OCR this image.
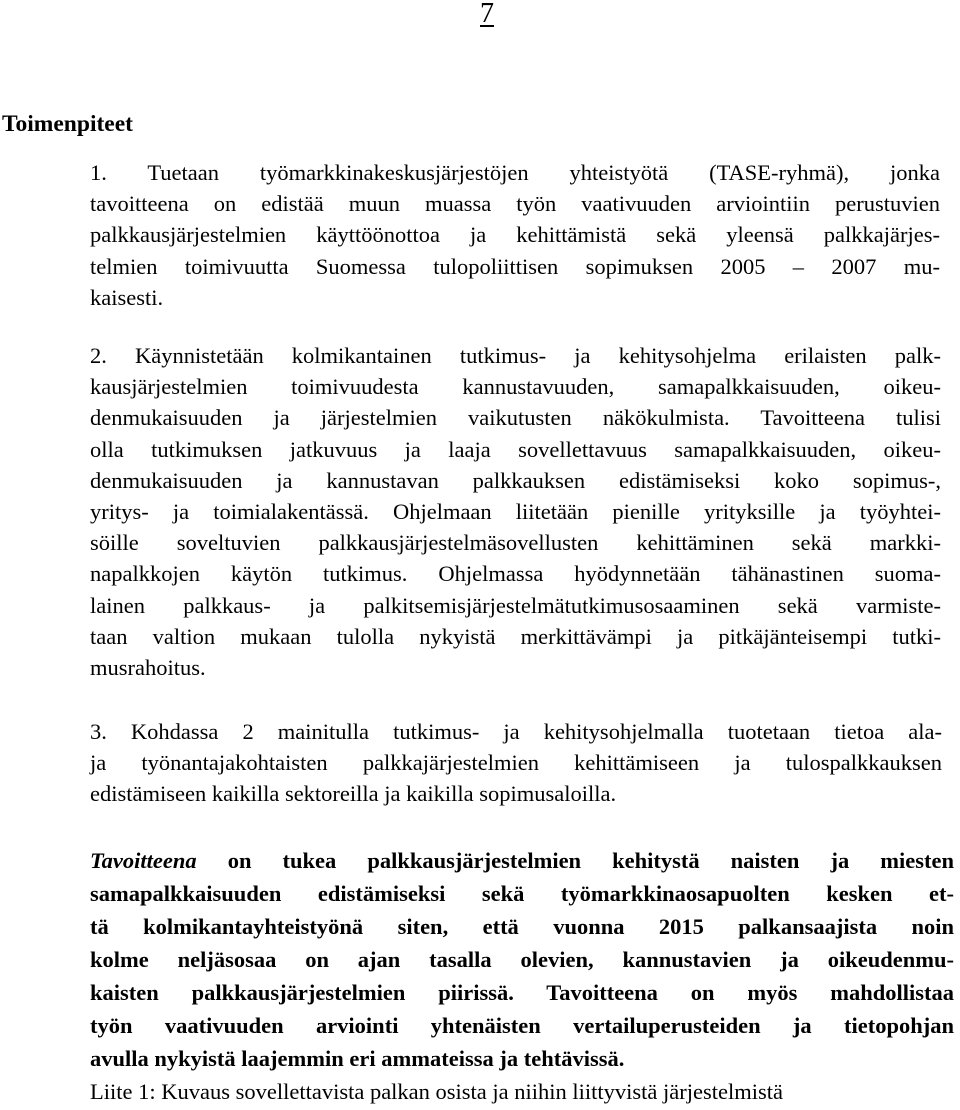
7
Toimenpiteet

1. Tuetaan työmarkkinakeskusjärjestöjen yhteistyötä (TASE-ryhmä), jonka
tavoitteena on edistää muun muassa työn vaativuuden arviointiin perustuvien
palkkausjärjestelmien käyttöönottoa ja kehittämistä sekä yleensä palkkajärjes-
telmien toimivuutta Suomessa tulopoliittisen sopimuksen 2005 – 2007 mu-
kaisesti.

2. Käynnistetään kolmikantainen tutkimus- ja kehitysohjelma erilaisten palk-
kausjärjestelmien toimivuudesta kannustavuuden, samapalkkaisuuden, oikeu-
denmukaisuuden ja järjestelmien vaikutusten näkökulmista. Tavoitteena tulisi
olla tutkimuksen jatkuvuus ja laaja sovellettavuus samapalkkaisuuden, oikeu-
denmukaisuuden ja kannustavan palkkauksen edistämiseksi koko sopimus-,
yritys- ja toimialakentässä. Ohjelmaan liitetään pienille yrityksille ja työyhtei-
söille soveltuvien palkkausjärjestelmäsovellusten kehittäminen sekä markki-
napalkkojen käytön tutkimus. Ohjelmassa hyödynnetään tähänastinen suoma-
lainen palkkaus- ja palkitsemisjärjestelmätutkimusosaaminen sekä varmiste-
taan valtion mukaan tulolla nykyistä merkittävämpi ja pitkäjänteisempi tutki-
musrahoitus.

3. Kohdassa 2 mainitulla tutkimus- ja kehitysohjelmalla tuotetaan tietoa ala-
ja työnantajakohtaisten palkkajärjestelmien kehittämiseen ja tulospalkkauksen
edistämiseen kaikilla sektoreilla ja kaikilla sopimusaloilla.

Tavoitteena on tukea palkkausjärjestelmien kehitystä naisten ja miesten
samapalkkaisuuden edistämiseksi sekä työmarkkinaosapuolten kesken et-
tä kolmikantayhteistyönä siten, että vuonna 2015 palkansaajista noin
kolme neljäsosaa on ajan tasalla olevien, kannustavien ja oikeudenmu-
kaisten palkkausjärjestelmien piirissä. Tavoitteena on myös mahdollistaa
työn vaativuuden arviointi yhtenäisten vertailuperusteiden ja tietopohjan
avulla nykyistä laajemmin eri ammateissa ja tehtävissä.

Liite 1: Kuvaus sovellettavista palkan osista ja niihin liittyvistä järjestelmistä
